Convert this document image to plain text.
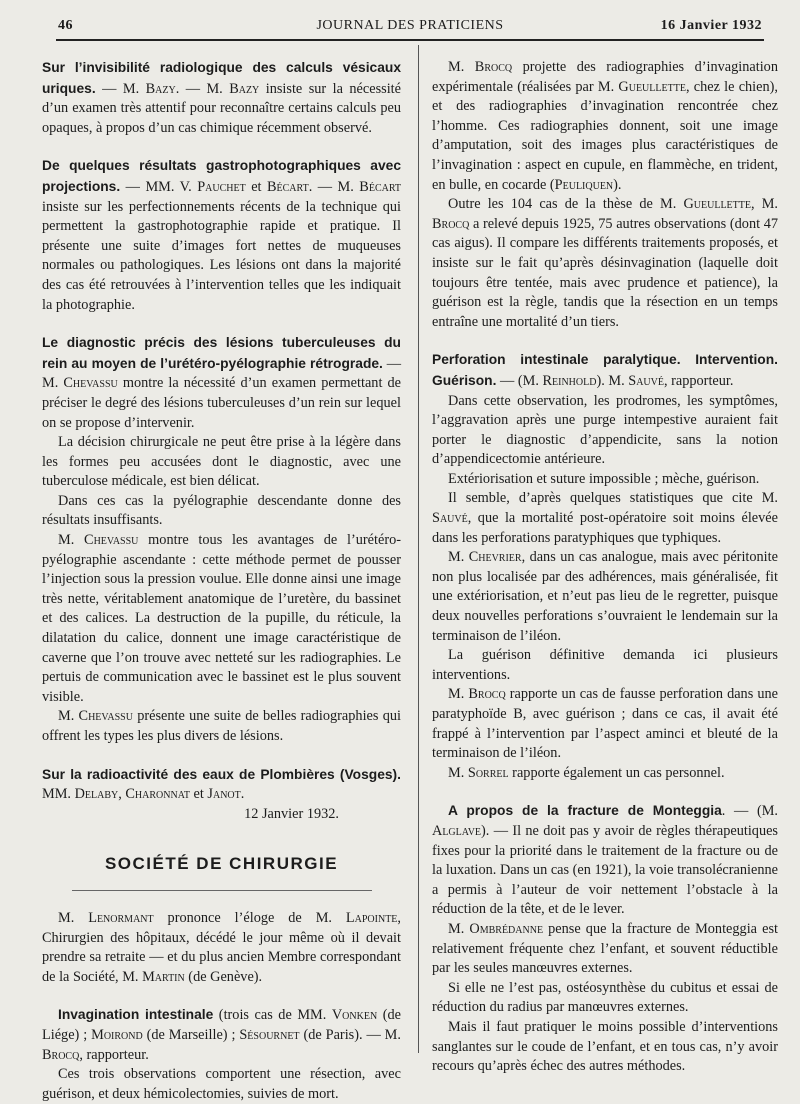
46	JOURNAL DES PRATICIENS	16 Janvier 1932

Sur l’invisibilité radiologique des calculs vésicaux uriques. — M. Bazy. — M. Bazy insiste sur la nécessité d’un examen très attentif pour reconnaître certains calculs peu opaques, à propos d’un cas chimique récemment observé.

De quelques résultats gastrophotographiques avec projections. — MM. V. Pauchet et Bécart. — M. Bécart insiste sur les perfectionnements récents de la technique qui permettent la gastrophotographie rapide et pratique. Il présente une suite d’images fort nettes de muqueuses normales ou pathologiques. Les lésions ont dans la majorité des cas été retrouvées à l’intervention telles que les indiquait la photographie.

Le diagnostic précis des lésions tuberculeuses du rein au moyen de l’urétéro-pyélographie rétrograde. — M. Chevassu montre la nécessité d’un examen permettant de préciser le degré des lésions tuberculeuses d’un rein sur lequel on se propose d’intervenir.

La décision chirurgicale ne peut être prise à la légère dans les formes peu accusées dont le diagnostic, avec une tuberculose médicale, est bien délicat.

Dans ces cas la pyélographie descendante donne des résultats insuffisants.

M. Chevassu montre tous les avantages de l’urétéro-pyélographie ascendante : cette méthode permet de pousser l’injection sous la pression voulue. Elle donne ainsi une image très nette, véritablement anatomique de l’uretère, du bassinet et des calices. La destruction de la pupille, du réticule, la dilatation du calice, donnent une image caractéristique de caverne que l’on trouve avec netteté sur les radiographies. Le pertuis de communication avec le bassinet est le plus souvent visible.

M. Chevassu présente une suite de belles radiographies qui offrent les types les plus divers de lésions.

Sur la radioactivité des eaux de Plombières (Vosges). MM. Delaby, Charonnat et Janot.

12 Janvier 1932.

SOCIÉTÉ DE CHIRURGIE

M. Lenormant prononce l’éloge de M. Lapointe, Chirurgien des hôpitaux, décédé le jour même où il devait prendre sa retraite — et du plus ancien Membre correspondant de la Société, M. Martin (de Genève).

Invagination intestinale (trois cas de MM. Vonken (de Liége) ; Moirond (de Marseille) ; Sésournet (de Paris). — M. Brocq, rapporteur.

Ces trois observations comportent une résection, avec guérison, et deux hémicolectomies, suivies de mort.

M. Brocq projette des radiographies d’invagination expérimentale (réalisées par M. Gueullette, chez le chien), et des radiographies d’invagination rencontrée chez l’homme. Ces radiographies donnent, soit une image d’amputation, soit des images plus caractéristiques de l’invagination : aspect en cupule, en flammèche, en trident, en bulle, en cocarde (Peuliquen).

Outre les 104 cas de la thèse de M. Gueullette, M. Brocq a relevé depuis 1925, 75 autres observations (dont 47 cas aigus). Il compare les différents traitements proposés, et insiste sur le fait qu’après désinvagination (laquelle doit toujours être tentée, mais avec prudence et patience), la guérison est la règle, tandis que la résection en un temps entraîne une mortalité d’un tiers.

Perforation intestinale paralytique. Intervention. Guérison. — (M. Reinhold). M. Sauvé, rapporteur.

Dans cette observation, les prodromes, les symptômes, l’aggravation après une purge intempestive auraient fait porter le diagnostic d’appendicite, sans la notion d’appendicectomie antérieure.

Extériorisation et suture impossible ; mèche, guérison.

Il semble, d’après quelques statistiques que cite M. Sauvé, que la mortalité post-opératoire soit moins élevée dans les perforations paratyphiques que typhiques.

M. Chevrier, dans un cas analogue, mais avec péritonite non plus localisée par des adhérences, mais généralisée, fit une extériorisation, et n’eut pas lieu de le regretter, puisque deux nouvelles perforations s’ouvraient le lendemain sur la terminaison de l’iléon.

La guérison définitive demanda ici plusieurs interventions.

M. Brocq rapporte un cas de fausse perforation dans une paratyphoïde B, avec guérison ; dans ce cas, il avait été frappé à l’intervention par l’aspect aminci et bleuté de la terminaison de l’iléon.

M. Sorrel rapporte également un cas personnel.

A propos de la fracture de Monteggia. — (M. Alglave). — Il ne doit pas y avoir de règles thérapeutiques fixes pour la priorité dans le traitement de la fracture ou de la luxation. Dans un cas (en 1921), la voie transolécranienne a permis à l’auteur de voir nettement l’obstacle à la réduction de la tête, et de le lever.

M. Ombrédanne pense que la fracture de Monteggia est relativement fréquente chez l’enfant, et souvent réductible par les seules manœuvres externes.

Si elle ne l’est pas, ostéosynthèse du cubitus et essai de réduction du radius par manœuvres externes.

Mais il faut pratiquer le moins possible d’interventions sanglantes sur le coude de l’enfant, et en tous cas, n’y avoir recours qu’après échec des autres méthodes.
